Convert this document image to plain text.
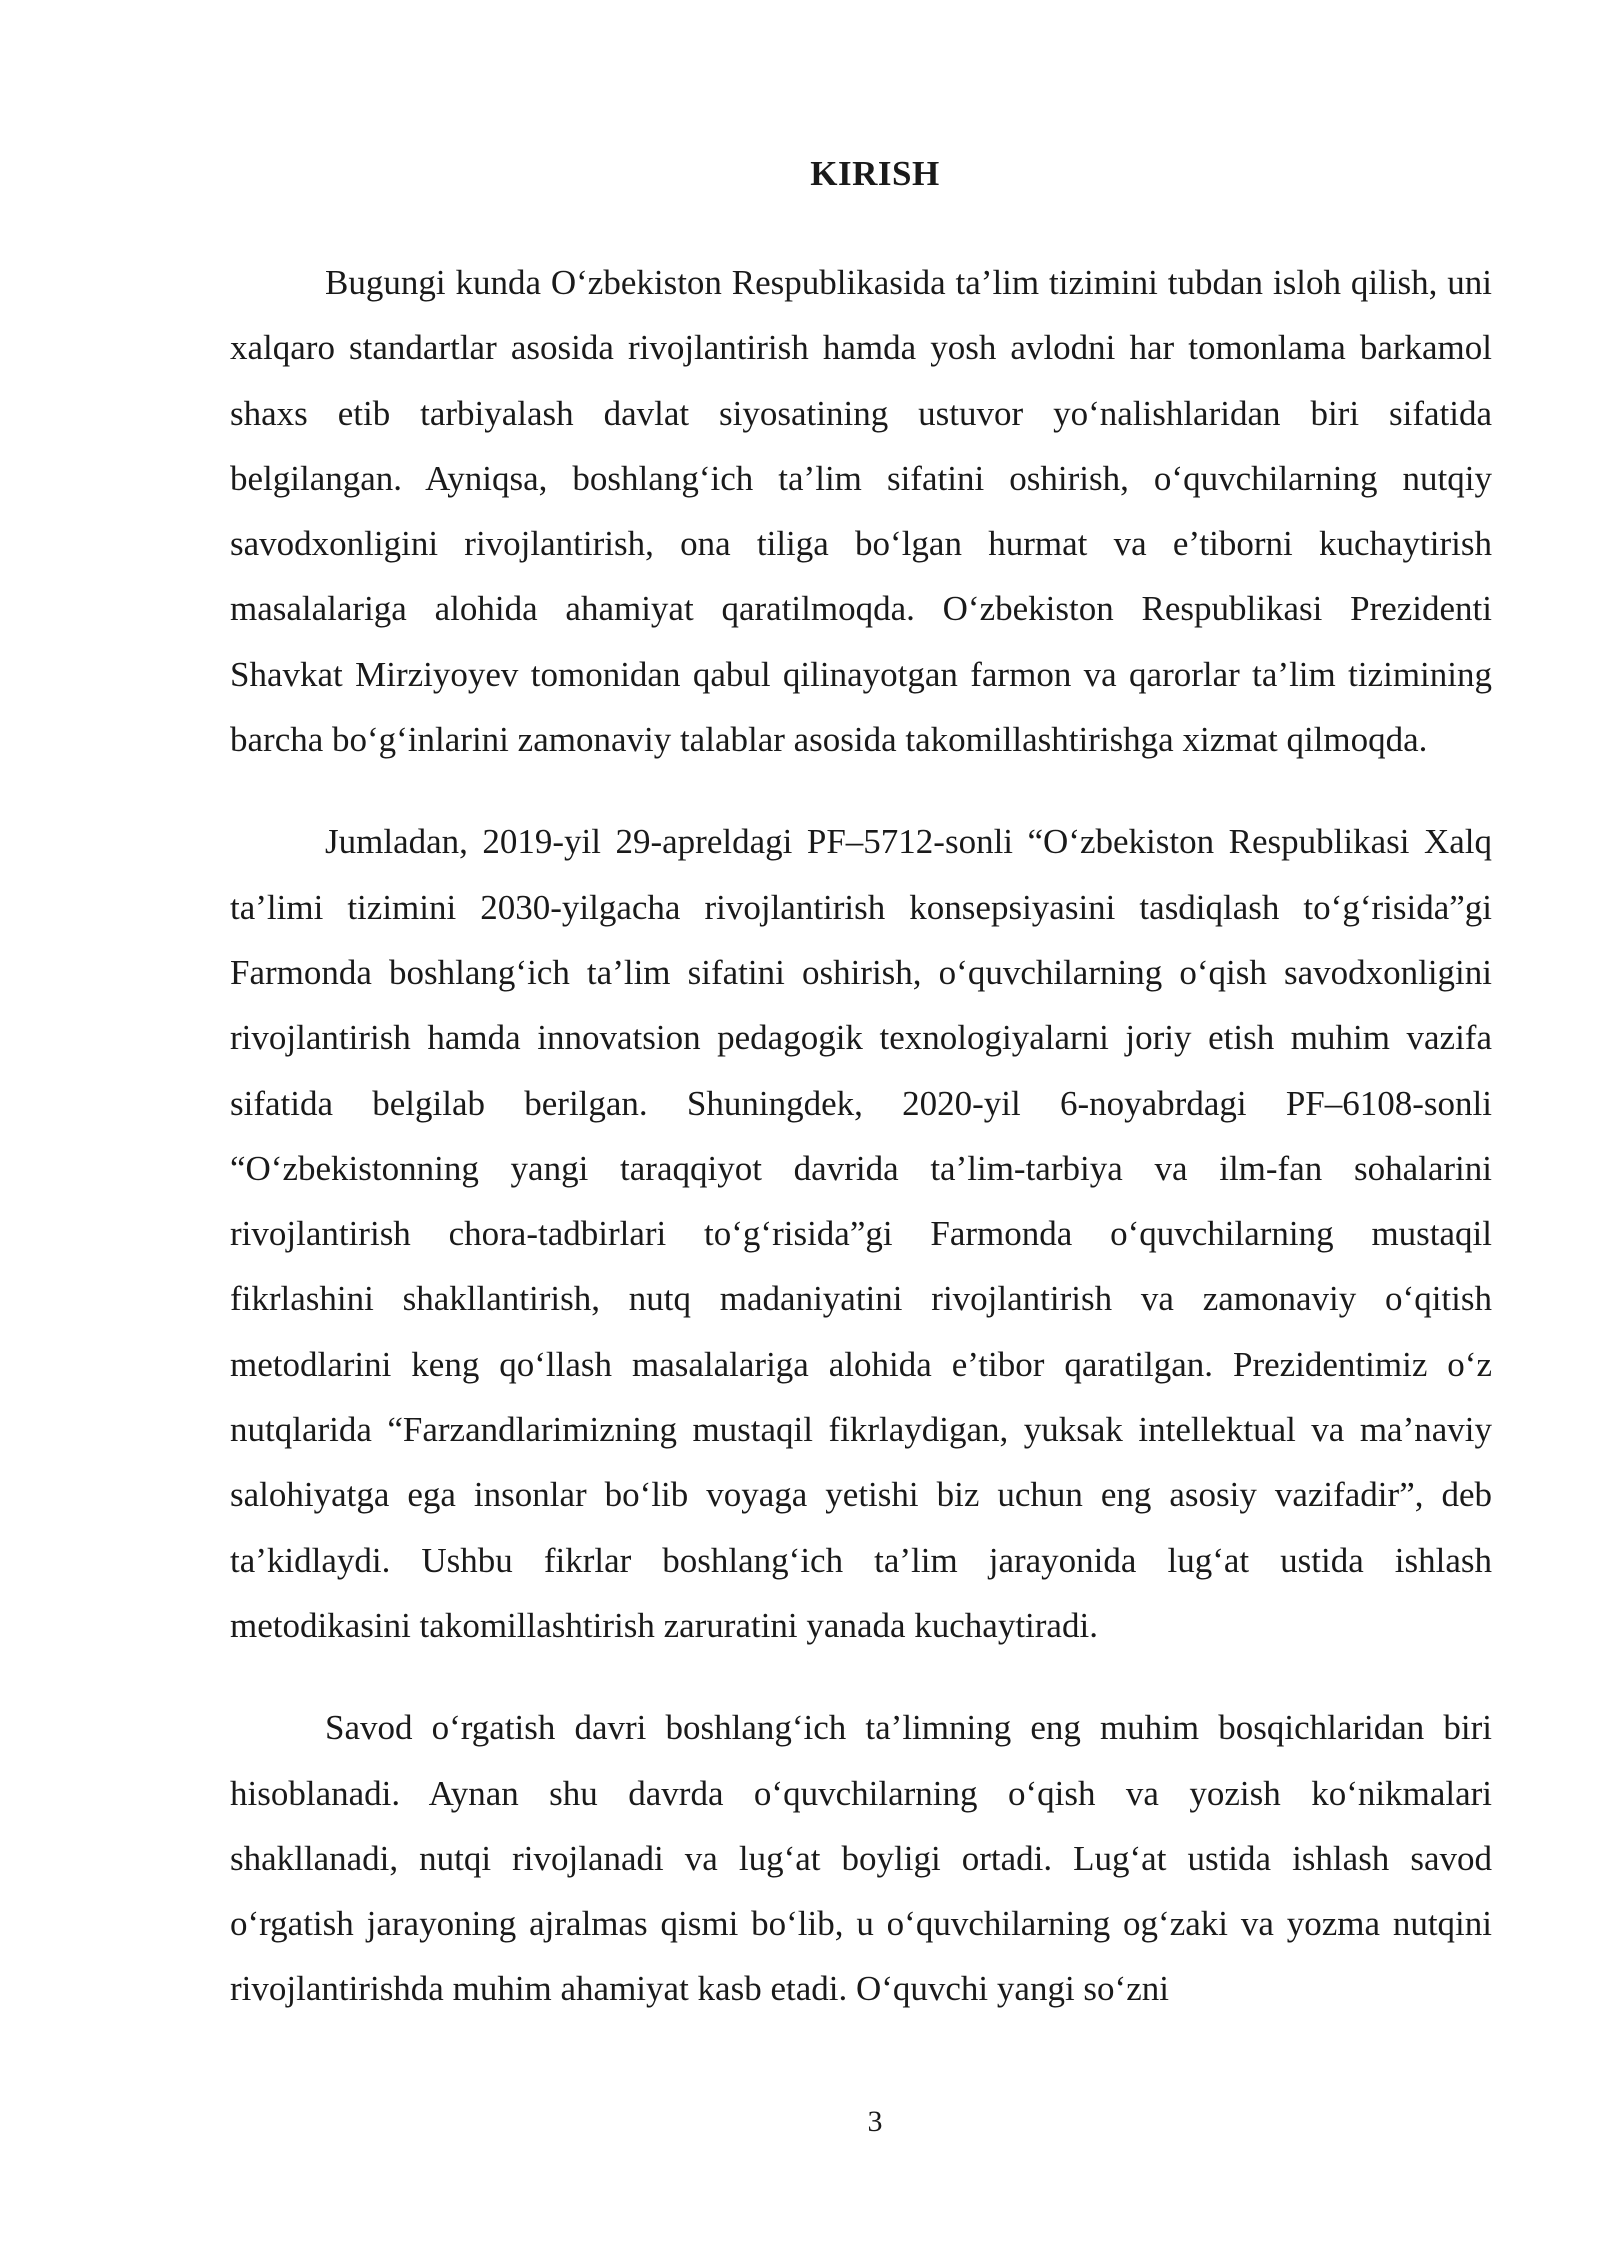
KIRISH

Bugungi kunda O‘zbekiston Respublikasida ta’lim tizimini tubdan isloh qilish, uni xalqaro standartlar asosida rivojlantirish hamda yosh avlodni har tomonlama barkamol shaxs etib tarbiyalash davlat siyosatining ustuvor yo‘nalishlaridan biri sifatida belgilangan. Ayniqsa, boshlang‘ich ta’lim sifatini oshirish, o‘quvchilarning nutqiy savodxonligini rivojlantirish, ona tiliga bo‘lgan hurmat va e’tiborni kuchaytirish masalalariga alohida ahamiyat qaratilmoqda. O‘zbekiston Respublikasi Prezidenti Shavkat Mirziyoyev tomonidan qabul qilinayotgan farmon va qarorlar ta’lim tizimining barcha bo‘g‘inlarini zamonaviy talablar asosida takomillashtirishga xizmat qilmoqda.

Jumladan, 2019-yil 29-apreldagi PF–5712-sonli “O‘zbekiston Respublikasi Xalq ta’limi tizimini 2030-yilgacha rivojlantirish konsepsiyasini tasdiqlash to‘g‘risida”gi Farmonda boshlang‘ich ta’lim sifatini oshirish, o‘quvchilarning o‘qish savodxonligini rivojlantirish hamda innovatsion pedagogik texnologiyalarni joriy etish muhim vazifa sifatida belgilab berilgan. Shuningdek, 2020-yil 6-noyabrdagi PF–6108-sonli “O‘zbekistonning yangi taraqqiyot davrida ta’lim-tarbiya va ilm-fan sohalarini rivojlantirish chora-tadbirlari to‘g‘risida”gi Farmonda o‘quvchilarning mustaqil fikrlashini shakllantirish, nutq madaniyatini rivojlantirish va zamonaviy o‘qitish metodlarini keng qo‘llash masalalariga alohida e’tibor qaratilgan. Prezidentimiz o‘z nutqlarida “Farzandlarimizning mustaqil fikrlaydigan, yuksak intellektual va ma’naviy salohiyatga ega insonlar bo‘lib voyaga yetishi biz uchun eng asosiy vazifadir”, deb ta’kidlaydi. Ushbu fikrlar boshlang‘ich ta’lim jarayonida lug‘at ustida ishlash metodikasini takomillashtirish zaruratini yanada kuchaytiradi.

Savod o‘rgatish davri boshlang‘ich ta’limning eng muhim bosqichlaridan biri hisoblanadi. Aynan shu davrda o‘quvchilarning o‘qish va yozish ko‘nikmalari shakllanadi, nutqi rivojlanadi va lug‘at boyligi ortadi. Lug‘at ustida ishlash savod o‘rgatish jarayoning ajralmas qismi bo‘lib, u o‘quvchilarning og‘zaki va yozma nutqini rivojlantirishda muhim ahamiyat kasb etadi. O‘quvchi yangi so‘zni

3
